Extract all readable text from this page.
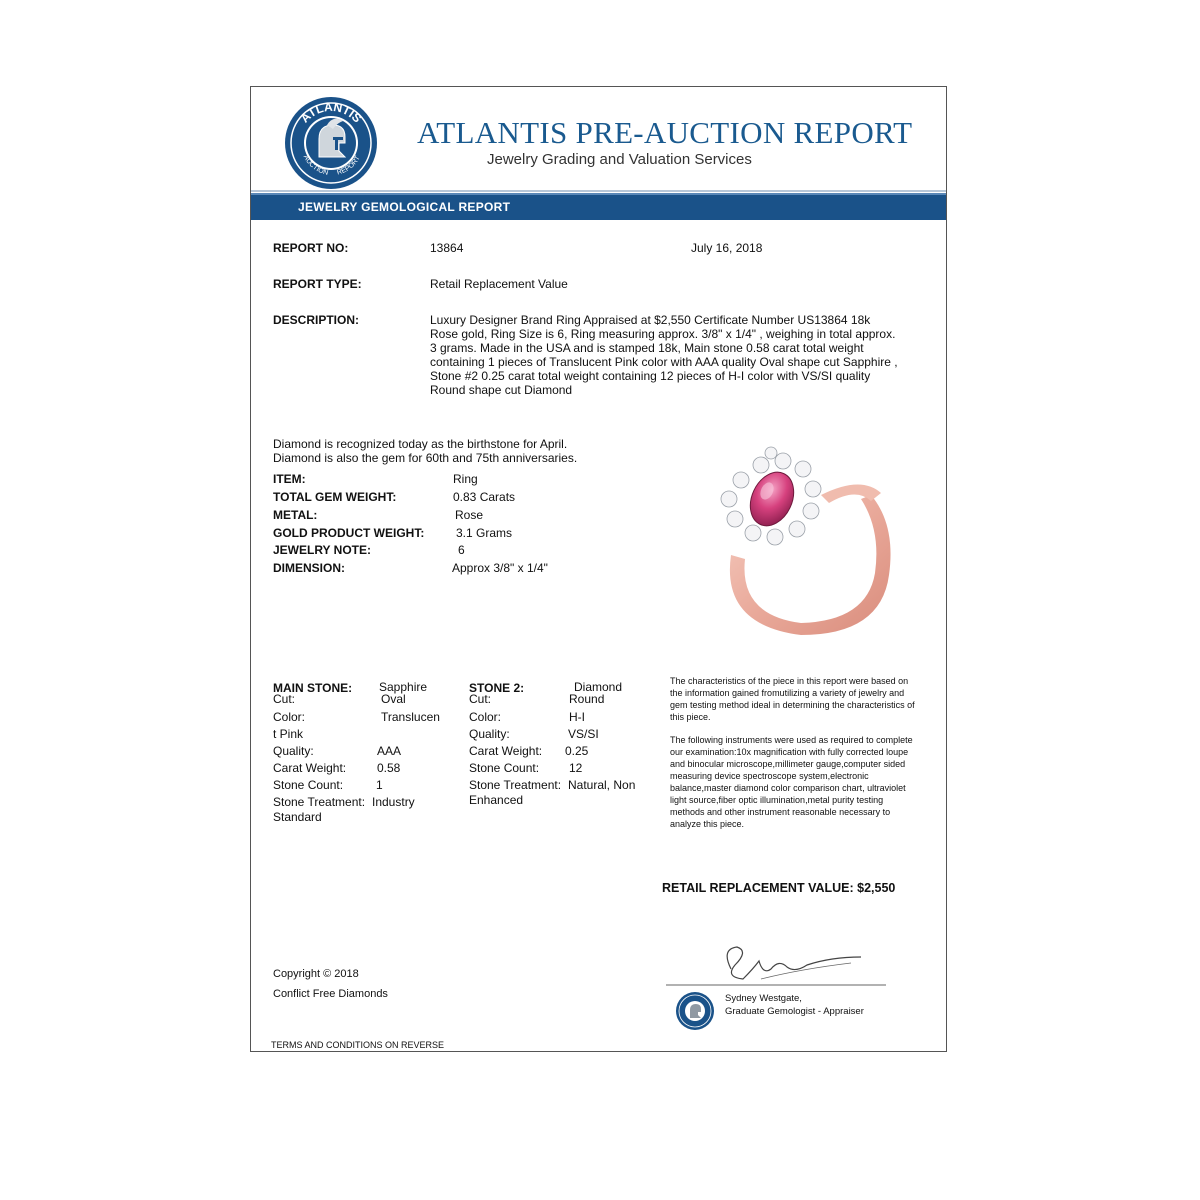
ATLANTIS
AUCTION REPORT
ATLANTIS PRE-AUCTION REPORT
Jewelry Grading and Valuation Services
JEWELRY GEMOLOGICAL REPORT
REPORT NO:	13864	July 16, 2018
REPORT TYPE:	Retail Replacement Value
DESCRIPTION:	Luxury Designer Brand Ring Appraised at $2,550 Certificate Number US13864 18k Rose gold, Ring Size is 6, Ring measuring approx. 3/8" x 1/4" , weighing in total approx. 3 grams. Made in the USA and is stamped 18k, Main stone 0.58 carat total weight containing 1 pieces of Translucent Pink color with AAA quality Oval shape cut Sapphire , Stone #2 0.25 carat total weight containing 12 pieces of H-I color with VS/SI quality Round shape cut Diamond
Diamond is recognized today as the birthstone for April.
Diamond is also the gem for 60th and 75th anniversaries.
ITEM:	Ring
TOTAL GEM WEIGHT:	0.83 Carats
METAL:	Rose
GOLD PRODUCT WEIGHT:	3.1 Grams
JEWELRY NOTE:	6
DIMENSION:	Approx 3/8" x 1/4"
MAIN STONE: Sapphire
Cut:	Oval
Color:	Translucen
t Pink
Quality:	AAA
Carat Weight:	0.58
Stone Count:	1
Stone Treatment: Industry
Standard
STONE 2:	Diamond
Cut:	Round
Color:	H-I
Quality:	VS/SI
Carat Weight: 0.25
Stone Count: 12
Stone Treatment: Natural, Non
Enhanced
The characteristics of the piece in this report were based on the information gained fromutilizing a variety of jewelry and gem testing method ideal in determining the characteristics of this piece.
The following instruments were used as required to complete our examination:10x magnification with fully corrected loupe and binocular microscope,millimeter gauge,computer sided measuring device spectroscope system,electronic balance,master diamond color comparison chart, ultraviolet light source,fiber optic illumination,metal purity testing methods and other instrument reasonable necessary to analyze this piece.
RETAIL REPLACEMENT VALUE: $2,550
Copyright © 2018
Conflict Free Diamonds	Sydney Westgate,
Graduate Gemologist - Appraiser
TERMS AND CONDITIONS ON REVERSE
